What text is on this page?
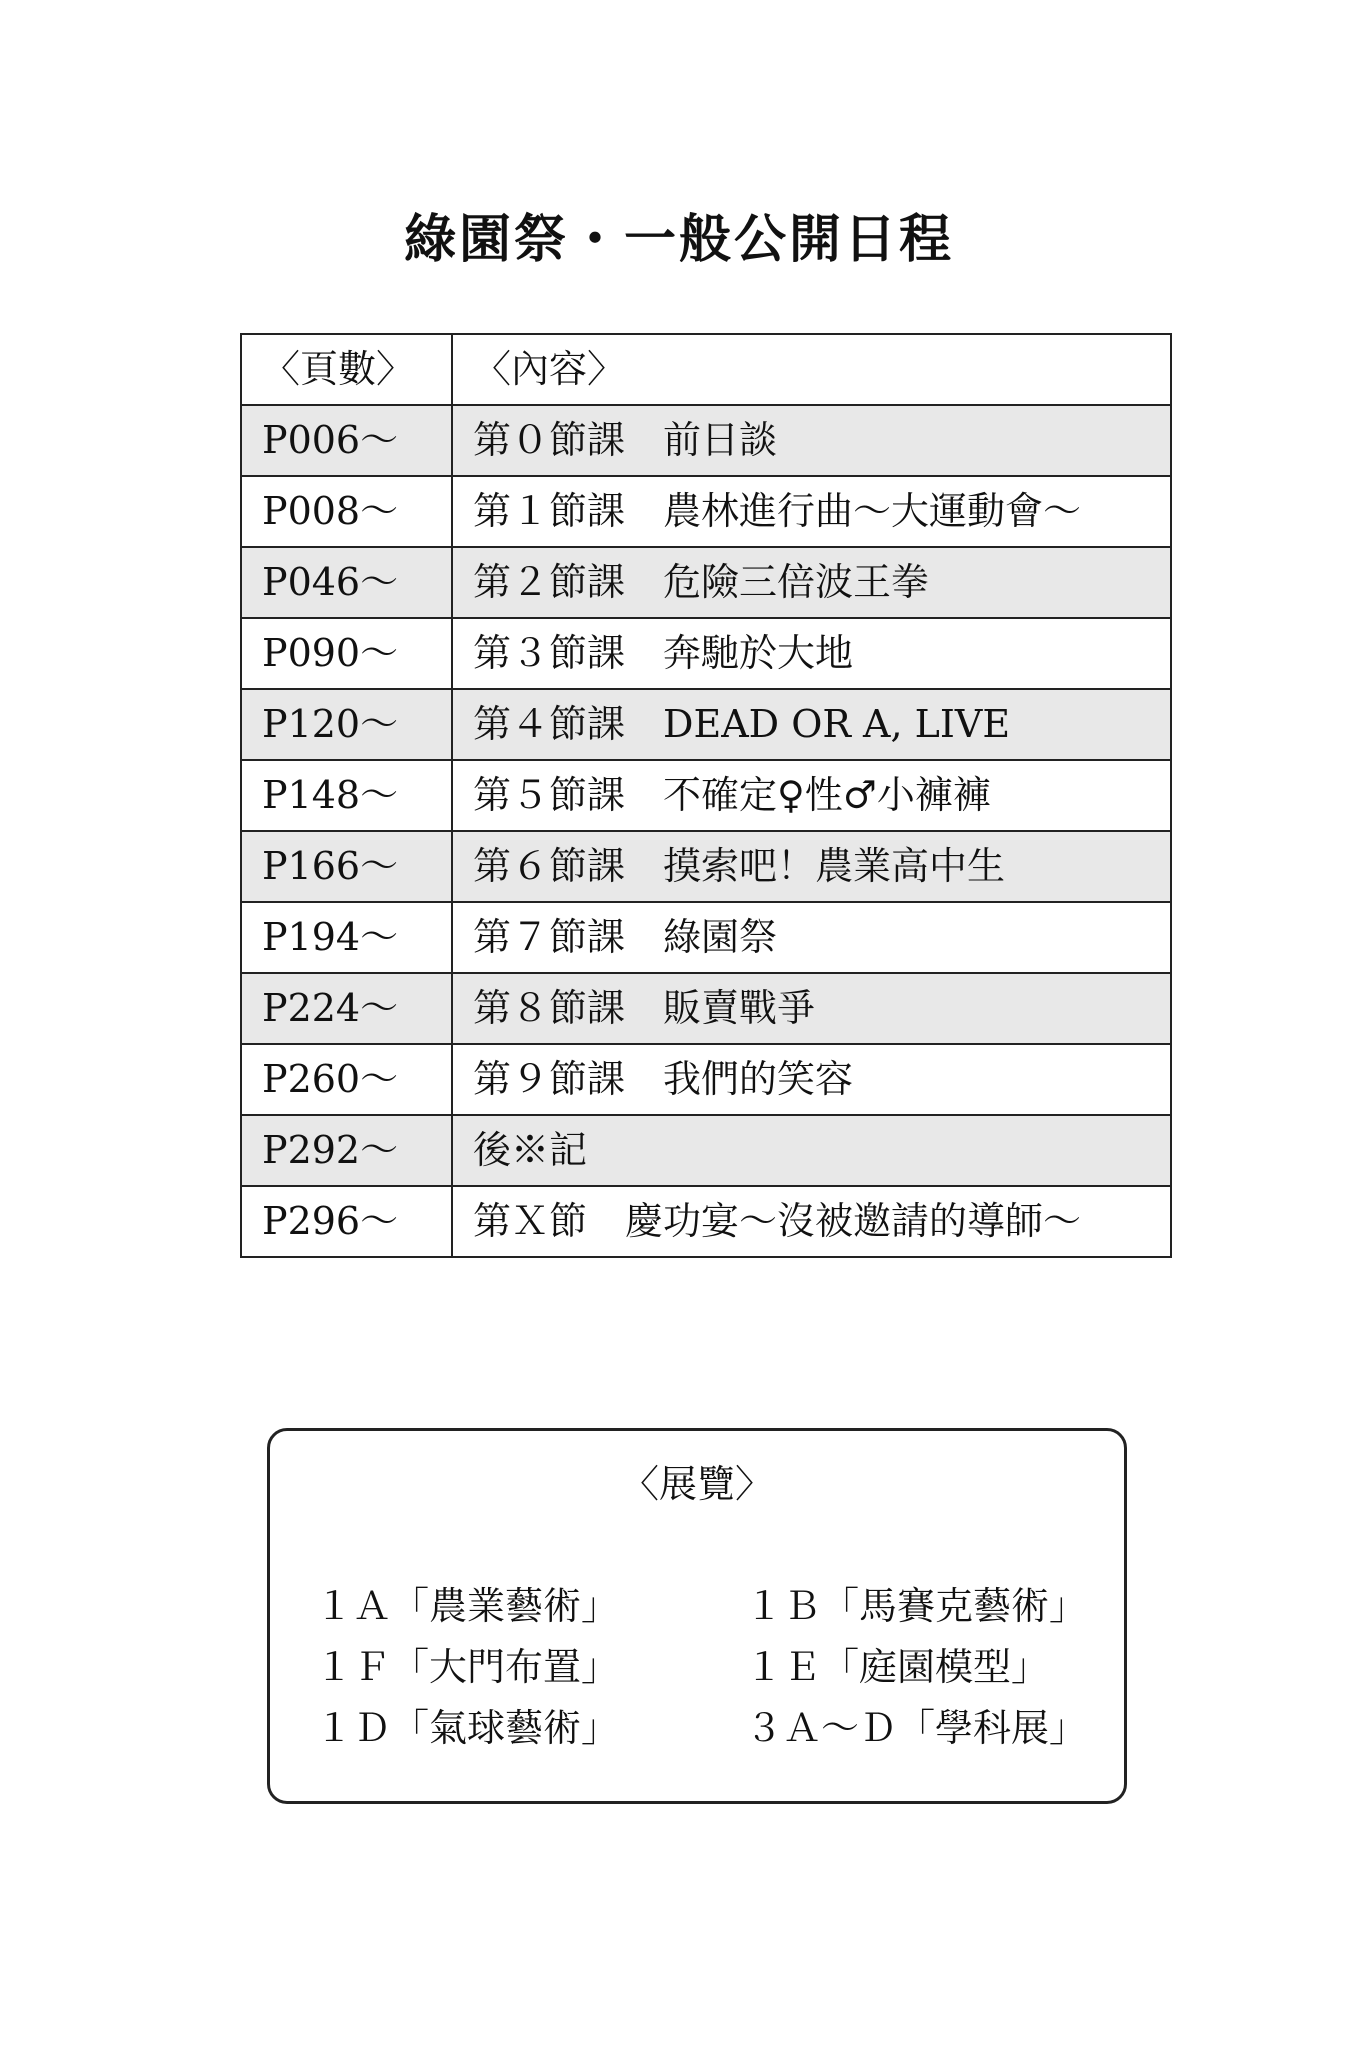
綠園祭・一般公開日程
〈頁數〉	〈內容〉
P006～	第０節課 前日談
P008～	第１節課 農林進行曲～大運動會～
P046～	第２節課 危險三倍波王拳
P090～	第３節課 奔馳於大地
P120～	第４節課 DEAD OR A, LIVE
P148～	第５節課 不確定♀性♂小褲褲
P166～	第６節課 摸索吧！農業高中生
P194～	第７節課 綠園祭
P224～	第８節課 販賣戰爭
P260～	第９節課 我們的笑容
P292～	後※記
P296～	第Ｘ節 慶功宴～沒被邀請的導師～
〈展覽〉
１Ａ「農業藝術」	１Ｂ「馬賽克藝術」
１Ｆ「大門布置」	１Ｅ「庭園模型」
１Ｄ「氣球藝術」	３Ａ～Ｄ「學科展」
